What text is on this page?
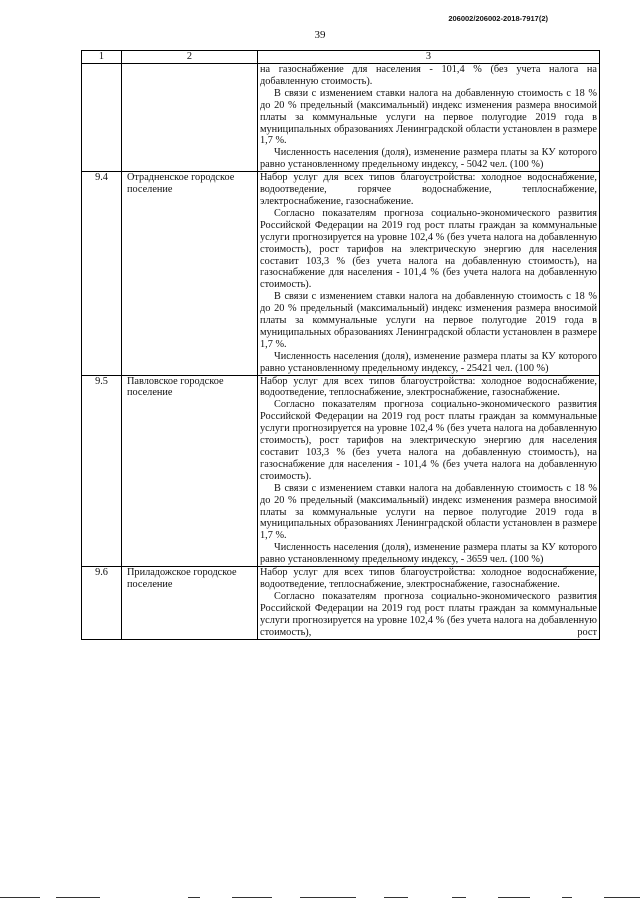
206002/206002-2018-7917(2)
39
1	2	3

		на газоснабжение для населения - 101,4 % (без учета налога на добавленную стоимость).
В связи с изменением ставки налога на добавленную стоимость с 18 % до 20 % предельный (максимальный) индекс изменения размера вносимой платы за коммунальные услуги на первое полугодие 2019 года в муниципальных образованиях Ленинградской области установлен в размере 1,7 %.
Численность населения (доля), изменение размера платы за КУ которого равно установленному предельному индексу, - 5042 чел. (100 %)

9.4	Отрадненское городское поселение	Набор услуг для всех типов благоустройства: холодное водоснабжение, водоотведение, горячее водоснабжение, теплоснабжение, электроснабжение, газоснабжение.
Согласно показателям прогноза социально-экономического развития Российской Федерации на 2019 год рост платы граждан за коммунальные услуги прогнозируется на уровне 102,4 % (без учета налога на добавленную стоимость), рост тарифов на электрическую энергию для населения составит 103,3 % (без учета налога на добавленную стоимость), на газоснабжение для населения - 101,4 % (без учета налога на добавленную стоимость).
В связи с изменением ставки налога на добавленную стоимость с 18 % до 20 % предельный (максимальный) индекс изменения размера вносимой платы за коммунальные услуги на первое полугодие 2019 года в муниципальных образованиях Ленинградской области установлен в размере 1,7 %.
Численность населения (доля), изменение размера платы за КУ которого равно установленному предельному индексу, - 25421 чел. (100 %)

9.5	Павловское городское поселение	Набор услуг для всех типов благоустройства: холодное водоснабжение, водоотведение, теплоснабжение, электроснабжение, газоснабжение.
Согласно показателям прогноза социально-экономического развития Российской Федерации на 2019 год рост платы граждан за коммунальные услуги прогнозируется на уровне 102,4 % (без учета налога на добавленную стоимость), рост тарифов на электрическую энергию для населения составит 103,3 % (без учета налога на добавленную стоимость), на газоснабжение для населения - 101,4 % (без учета налога на добавленную стоимость).
В связи с изменением ставки налога на добавленную стоимость с 18 % до 20 % предельный (максимальный) индекс изменения размера вносимой платы за коммунальные услуги на первое полугодие 2019 года в муниципальных образованиях Ленинградской области установлен в размере 1,7 %.
Численность населения (доля), изменение размера платы за КУ которого равно установленному предельному индексу, - 3659 чел. (100 %)

9.6	Приладожское городское поселение	Набор услуг для всех типов благоустройства: холодное водоснабжение, водоотведение, теплоснабжение, электроснабжение, газоснабжение.
Согласно показателям прогноза социально-экономического развития Российской Федерации на 2019 год рост платы граждан за коммунальные услуги прогнозируется на уровне 102,4 % (без учета налога на добавленную стоимость), рост
